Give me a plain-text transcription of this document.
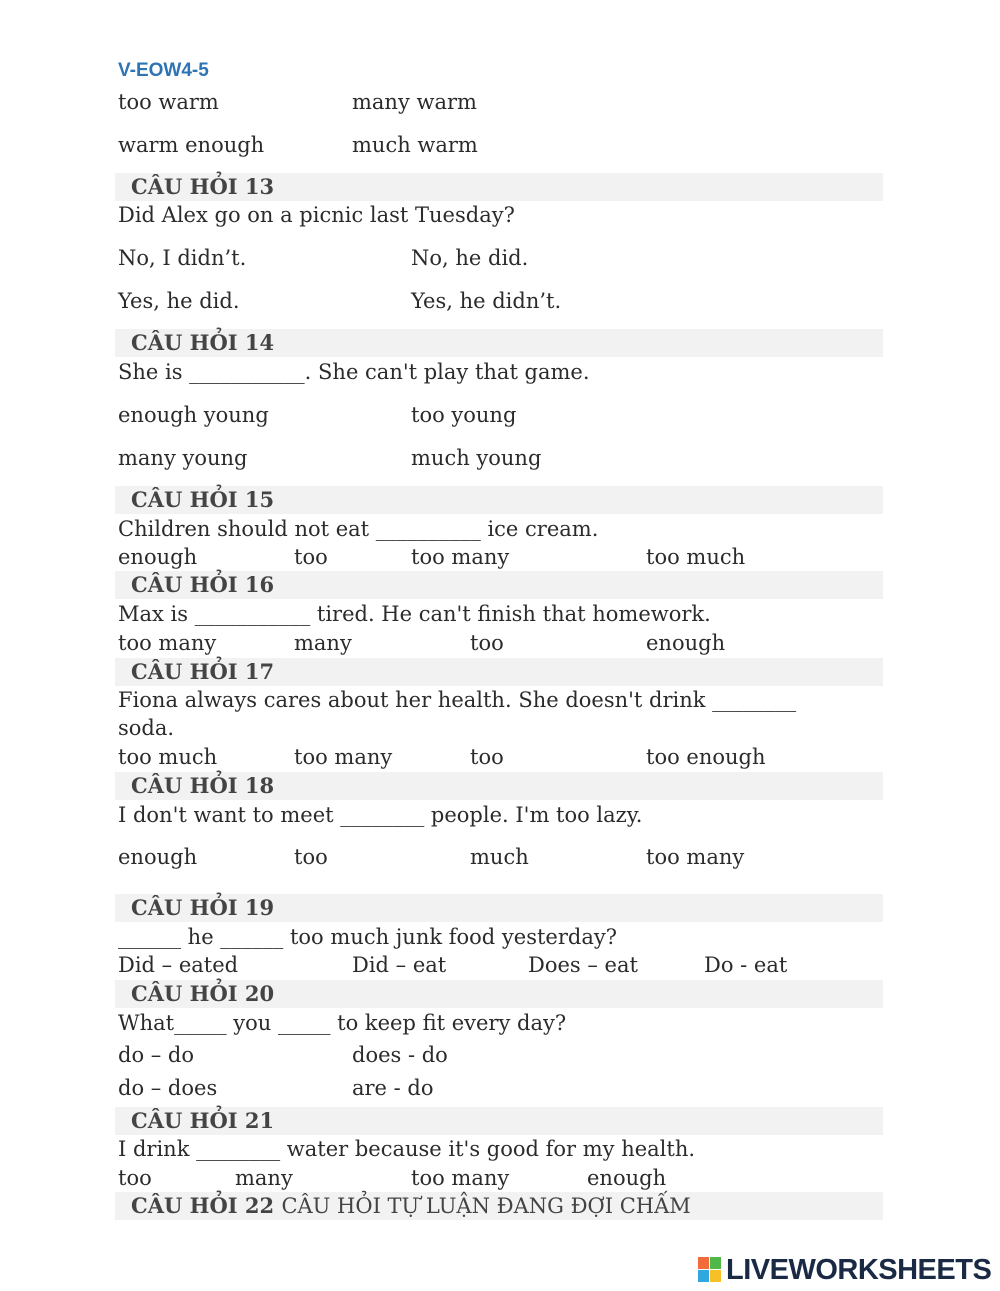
V-EOW4-5
too warm	many warm
warm enough	much warm
CÂU HỎI 13
Did Alex go on a picnic last Tuesday?
No, I didn’t.	No, he did.
Yes, he did.	Yes, he didn’t.
CÂU HỎI 14
She is ___________. She can't play that game.
enough young	too young
many young	much young
CÂU HỎI 15
Children should not eat __________ ice cream.
enough	too	too many	too much
CÂU HỎI 16
Max is ___________ tired. He can't finish that homework.
too many	many	too	enough
CÂU HỎI 17
Fiona always cares about her health. She doesn't drink ________
soda.
too much	too many	too	too enough
CÂU HỎI 18
I don't want to meet ________ people. I'm too lazy.
enough	too	much	too many
CÂU HỎI 19
______ he ______ too much junk food yesterday?
Did – eated	Did – eat	Does – eat	Do - eat
CÂU HỎI 20
What_____ you _____ to keep fit every day?
do – do	does - do
do – does	are - do
CÂU HỎI 21
I drink ________ water because it's good for my health.
too	many	too many	enough
CÂU HỎI 22 CÂU HỎI TỰ LUẬN ĐANG ĐỢI CHẤM
LIVEWORKSHEETS
